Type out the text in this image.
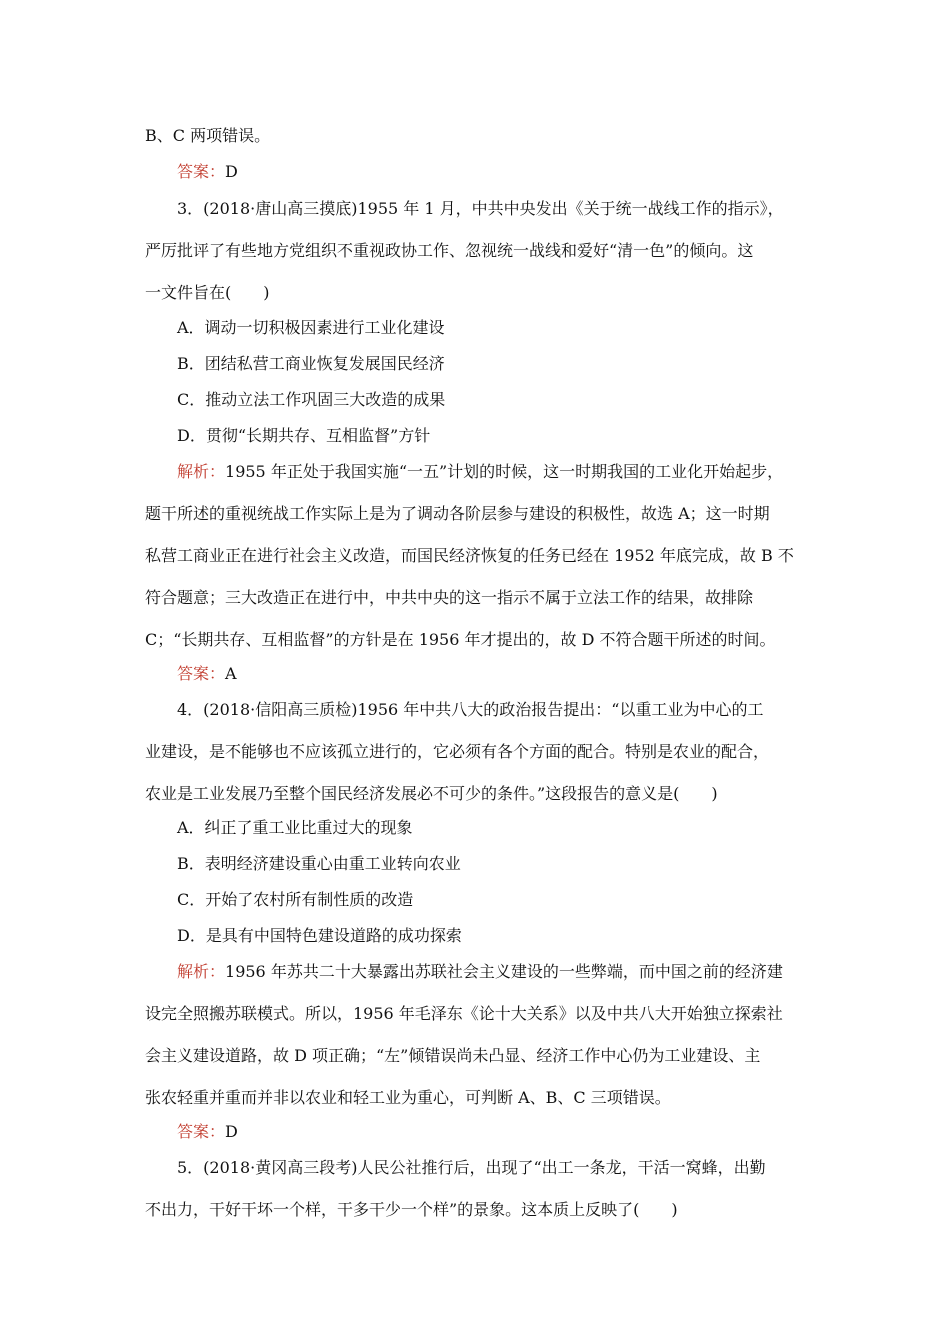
B、C 两项错误。
答案：D
3．(2018·唐山高三摸底)1955 年 1 月，中共中央发出《关于统一战线工作的指示》，
严厉批评了有些地方党组织不重视政协工作、忽视统一战线和爱好“清一色”的倾向。这
一文件旨在(　　)
A．调动一切积极因素进行工业化建设
B．团结私营工商业恢复发展国民经济
C．推动立法工作巩固三大改造的成果
D．贯彻“长期共存、互相监督”方针
解析：1955 年正处于我国实施“一五”计划的时候，这一时期我国的工业化开始起步，
题干所述的重视统战工作实际上是为了调动各阶层参与建设的积极性，故选 A；这一时期
私营工商业正在进行社会主义改造，而国民经济恢复的任务已经在 1952 年底完成，故 B 不
符合题意；三大改造正在进行中，中共中央的这一指示不属于立法工作的结果，故排除
C；“长期共存、互相监督”的方针是在 1956 年才提出的，故 D 不符合题干所述的时间。
答案：A
4．(2018·信阳高三质检)1956 年中共八大的政治报告提出：“以重工业为中心的工
业建设，是不能够也不应该孤立进行的，它必须有各个方面的配合。特别是农业的配合，
农业是工业发展乃至整个国民经济发展必不可少的条件。”这段报告的意义是(　　)
A．纠正了重工业比重过大的现象
B．表明经济建设重心由重工业转向农业
C．开始了农村所有制性质的改造
D．是具有中国特色建设道路的成功探索
解析：1956 年苏共二十大暴露出苏联社会主义建设的一些弊端，而中国之前的经济建
设完全照搬苏联模式。所以，1956 年毛泽东《论十大关系》以及中共八大开始独立探索社
会主义建设道路，故 D 项正确；“左”倾错误尚未凸显、经济工作中心仍为工业建设、主
张农轻重并重而并非以农业和轻工业为重心，可判断 A、B、C 三项错误。
答案：D
5．(2018·黄冈高三段考)人民公社推行后，出现了“出工一条龙，干活一窝蜂，出勤
不出力，干好干坏一个样，干多干少一个样”的景象。这本质上反映了(　　)
